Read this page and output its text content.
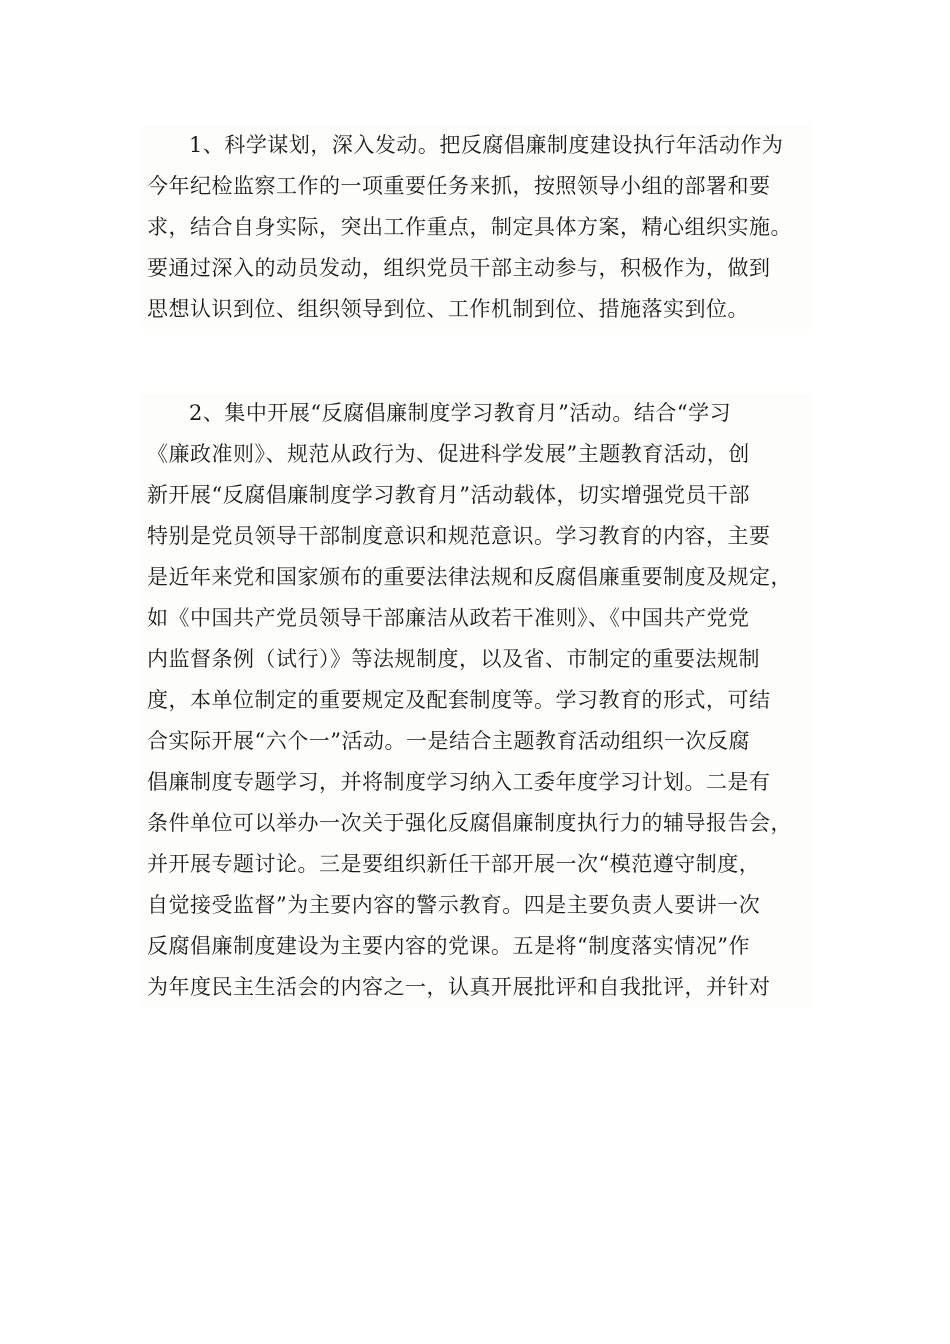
1、科学谋划，深入发动。把反腐倡廉制度建设执行年活动作为
今年纪检监察工作的一项重要任务来抓，按照领导小组的部署和要
求，结合自身实际，突出工作重点，制定具体方案，精心组织实施。
要通过深入的动员发动，组织党员干部主动参与，积极作为，做到
思想认识到位、组织领导到位、工作机制到位、措施落实到位。
2、集中开展“反腐倡廉制度学习教育月”活动。结合“学习
《廉政准则》、规范从政行为、促进科学发展”主题教育活动，创
新开展“反腐倡廉制度学习教育月”活动载体，切实增强党员干部
特别是党员领导干部制度意识和规范意识。学习教育的内容，主要
是近年来党和国家颁布的重要法律法规和反腐倡廉重要制度及规定，
如《中国共产党员领导干部廉洁从政若干准则》、《中国共产党党
内监督条例（试行）》等法规制度，以及省、市制定的重要法规制
度，本单位制定的重要规定及配套制度等。学习教育的形式，可结
合实际开展“六个一”活动。一是结合主题教育活动组织一次反腐
倡廉制度专题学习，并将制度学习纳入工委年度学习计划。二是有
条件单位可以举办一次关于强化反腐倡廉制度执行力的辅导报告会，
并开展专题讨论。三是要组织新任干部开展一次“模范遵守制度，
自觉接受监督”为主要内容的警示教育。四是主要负责人要讲一次
反腐倡廉制度建设为主要内容的党课。五是将“制度落实情况”作
为年度民主生活会的内容之一，认真开展批评和自我批评，并针对
